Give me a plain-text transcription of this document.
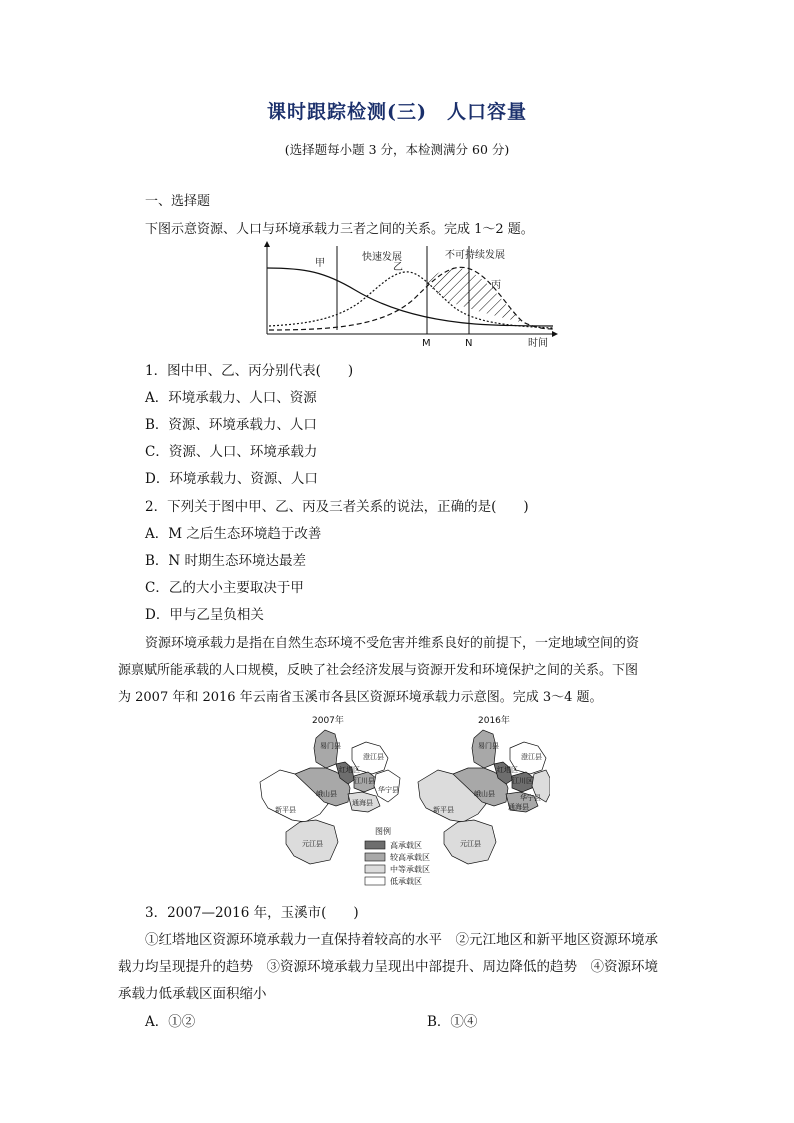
课时跟踪检测(三)　人口容量
(选择题每小题 3 分，本检测满分 60 分)
一、选择题
下图示意资源、人口与环境承载力三者之间的关系。完成 1～2 题。
甲
快速发展
乙
不可持续发展
丙
M	N	时间
1．图中甲、乙、丙分别代表(　　)
A．环境承载力、人口、资源
B．资源、环境承载力、人口
C．资源、人口、环境承载力
D．环境承载力、资源、人口
2．下列关于图中甲、乙、丙及三者关系的说法，正确的是(　　)
A．M 之后生态环境趋于改善
B．N 时期生态环境达最差
C．乙的大小主要取决于甲
D．甲与乙呈负相关
资源环境承载力是指在自然生态环境不受危害并维系良好的前提下，一定地域空间的资
源禀赋所能承载的人口规模，反映了社会经济发展与资源开发和环境保护之间的关系。下图
为 2007 年和 2016 年云南省玉溪市各县区资源环境承载力示意图。完成 3～4 题。
2007年
易门县
澄江县
红塔区
江川县
峨山县	华宁县
通海县
新平县
元江县
2016年
易门县
澄江县
红塔区
江川区
峨山县	华宁县
通海县
新平县
元江县
图例
高承载区
较高承载区
中等承载区
低承载区
3．2007—2016 年，玉溪市(　　)
①红塔地区资源环境承载力一直保持着较高的水平　②元江地区和新平地区资源环境承
载力均呈现提升的趋势　③资源环境承载力呈现出中部提升、周边降低的趋势　④资源环境
承载力低承载区面积缩小
A．①②	B．①④
